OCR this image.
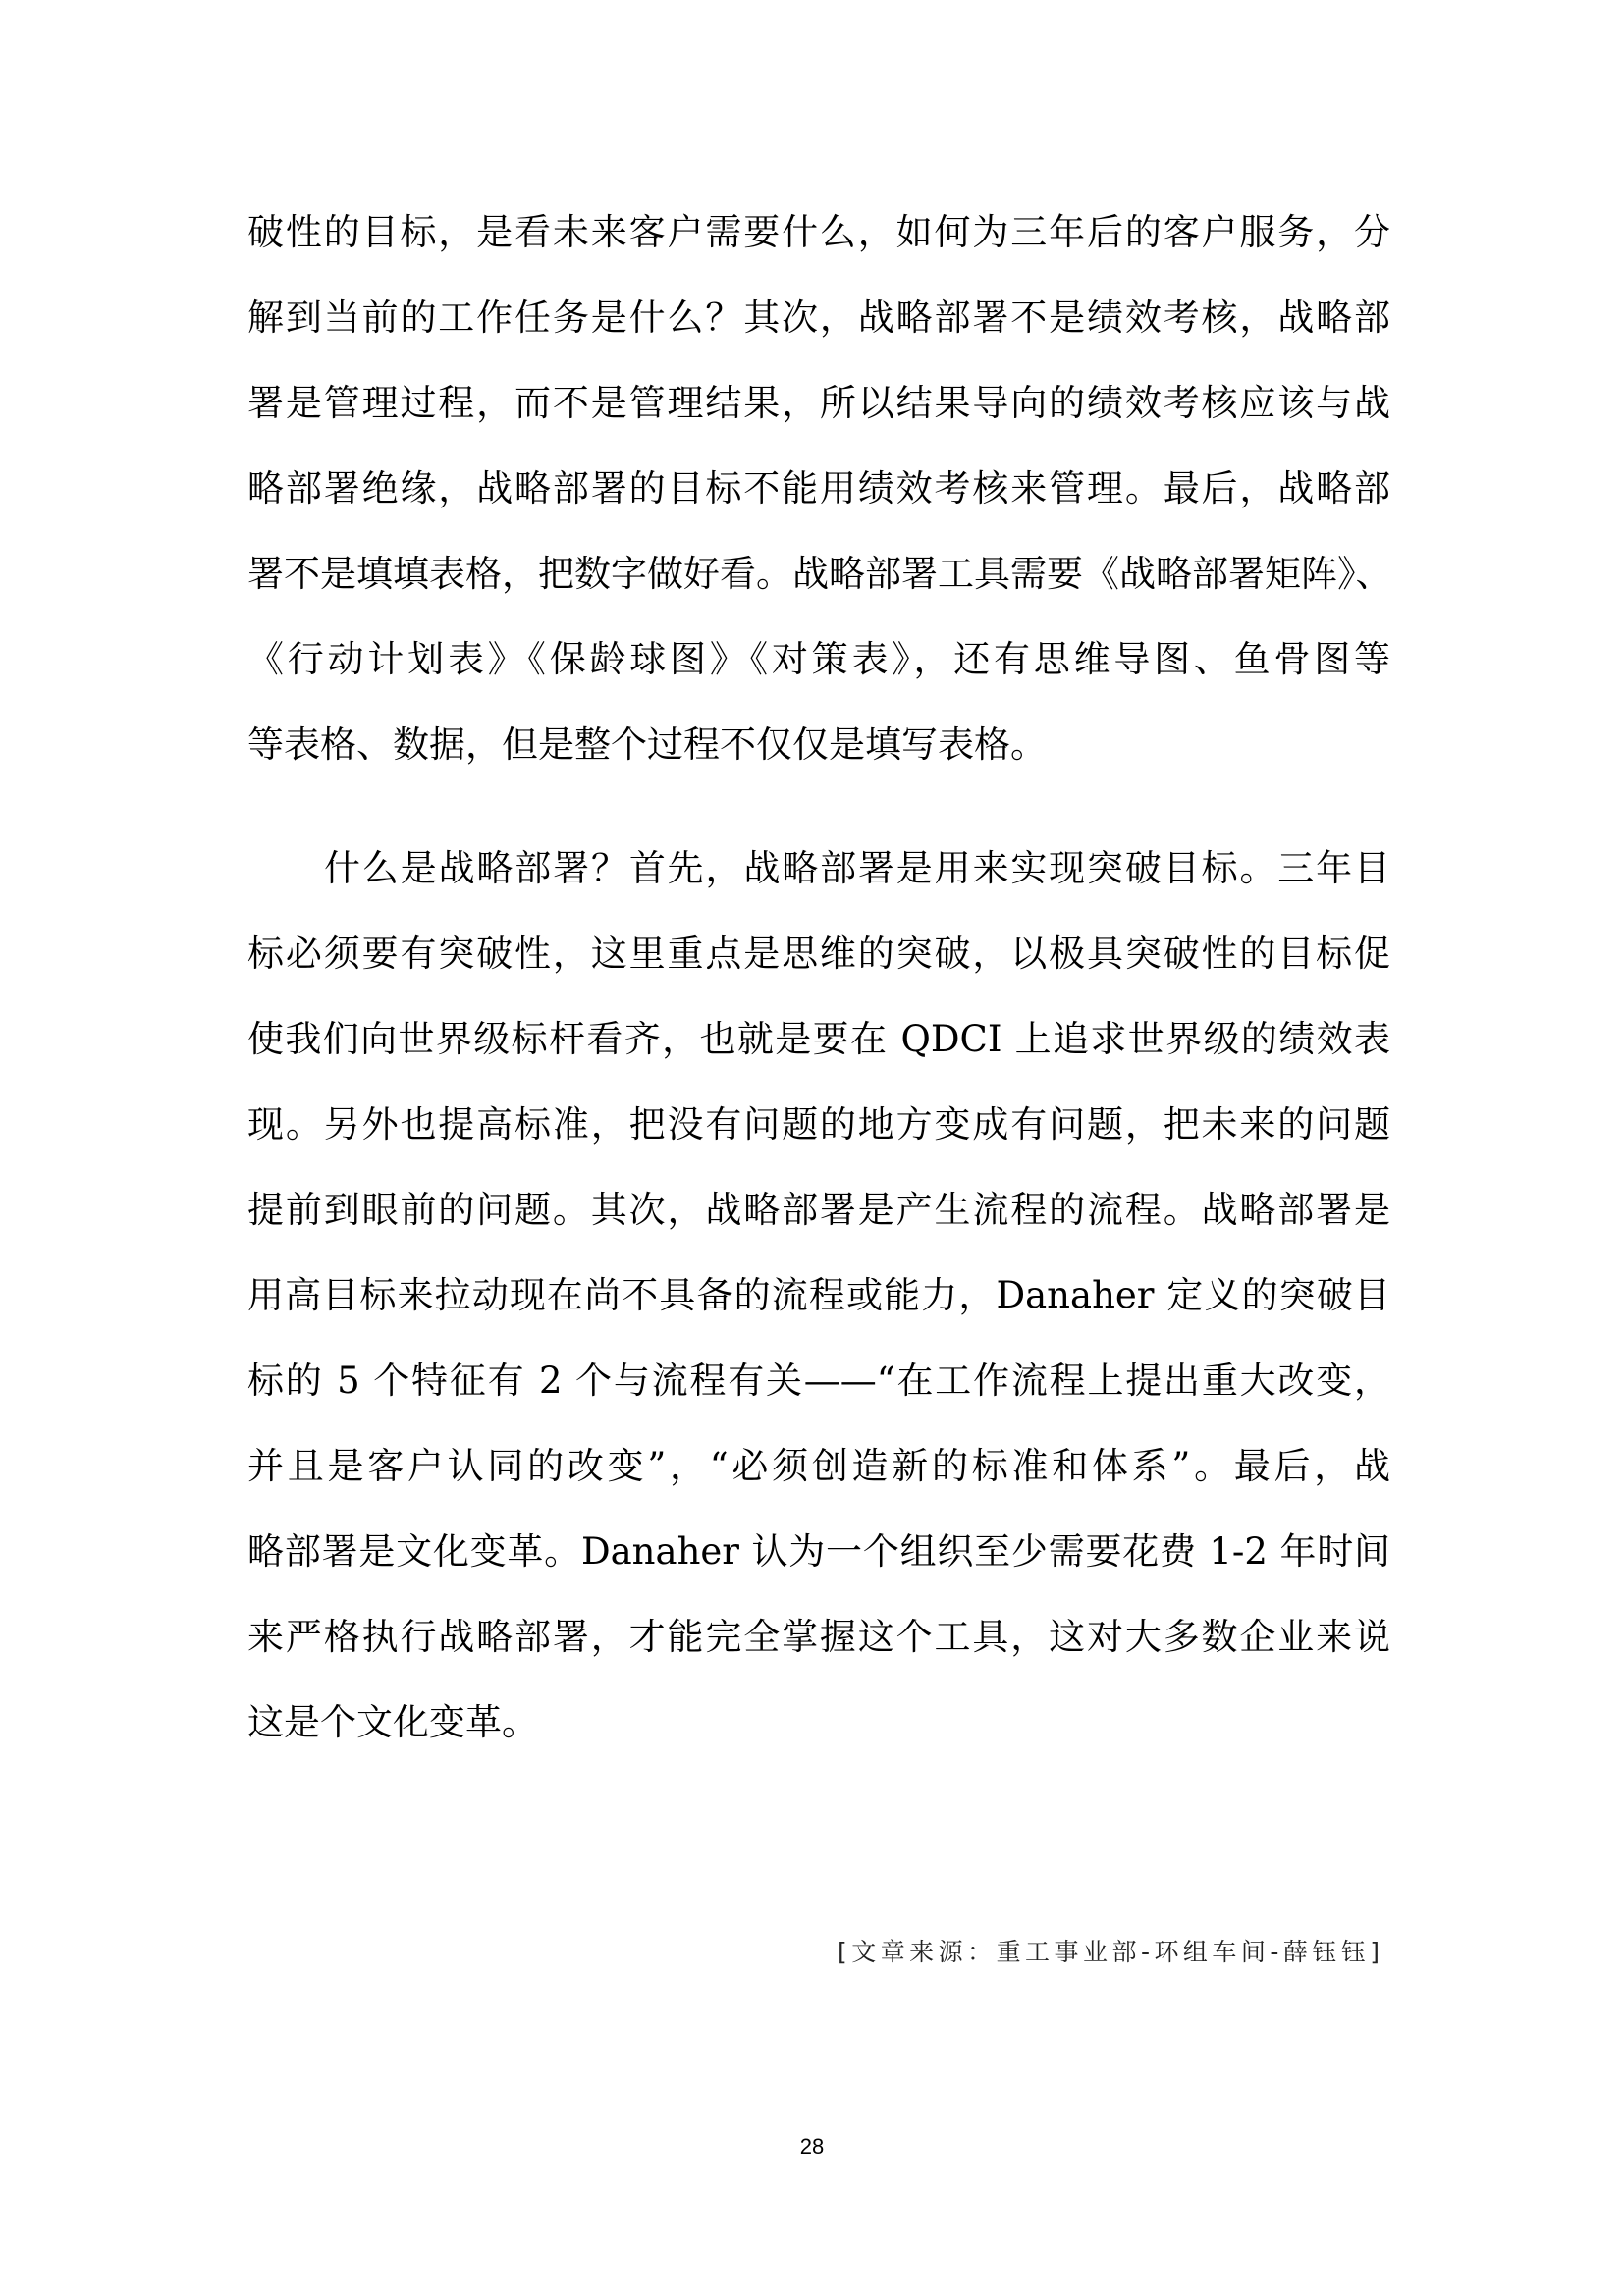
破性的目标，是看未来客户需要什么，如何为三年后的客户服务，分
解到当前的工作任务是什么？其次，战略部署不是绩效考核，战略部
署是管理过程，而不是管理结果，所以结果导向的绩效考核应该与战
略部署绝缘，战略部署的目标不能用绩效考核来管理。最后，战略部
署不是填填表格，把数字做好看。战略部署工具需要《战略部署矩阵》、
《行动计划表》《保龄球图》《对策表》，还有思维导图、鱼骨图等
等表格、数据，但是整个过程不仅仅是填写表格。
什么是战略部署？首先，战略部署是用来实现突破目标。三年目
标必须要有突破性，这里重点是思维的突破，以极具突破性的目标促
使我们向世界级标杆看齐，也就是要在 QDCI 上追求世界级的绩效表
现。另外也提高标准，把没有问题的地方变成有问题，把未来的问题
提前到眼前的问题。其次，战略部署是产生流程的流程。战略部署是
用高目标来拉动现在尚不具备的流程或能力，Danaher 定义的突破目
标的 5 个特征有 2 个与流程有关——“在工作流程上提出重大改变，
并且是客户认同的改变”，“必须创造新的标准和体系”。最后，战
略部署是文化变革。Danaher 认为一个组织至少需要花费 1-2 年时间
来严格执行战略部署，才能完全掌握这个工具，这对大多数企业来说
这是个文化变革。
[文章来源：重工事业部-环组车间-薛钰钰]
28
